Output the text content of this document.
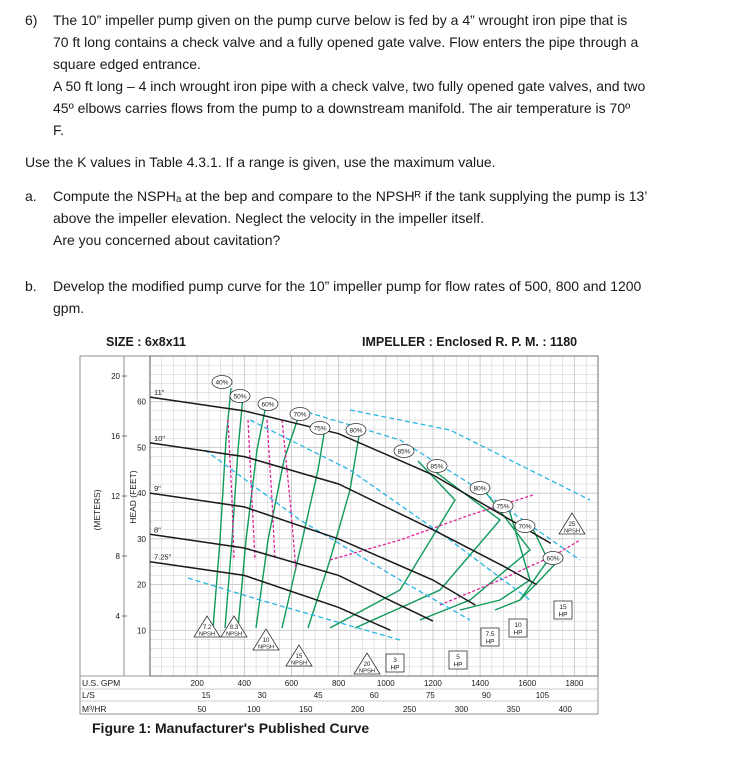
6) The 10” impeller pump given on the pump curve below is fed by a 4” wrought iron pipe that is
70 ft long contains a check valve and a fully opened gate valve. Flow enters the pipe through a
square edged entrance.
A 50 ft long – 4 inch wrought iron pipe with a check valve, two fully opened gate valves, and two
45º elbows carries flows from the pump to a downstream manifold. The air temperature is 70º
F.
Use the K values in Table 4.3.1. If a range is given, use the maximum value.
a. Compute the NSPHₐ at the bep and compare to the NPSHᴿ if the tank supplying the pump is 13’
above the impeller elevation. Neglect the velocity in the impeller itself.
Are you concerned about cavitation?
b. Develop the modified pump curve for the 10” impeller pump for flow rates of 500, 800 and 1200
gpm.
SIZE : 6x8x11	IMPELLER : Enclosed R. P. M. : 1180
10
20
30
40
50
60
4
8
12
16
20
HEAD (FEET)
(METERS)
U.S. GPM
L/S
M³/HR
200	400	600	800	1000	1200	1400	1600	1800
15	30	45	60	75	90	105
50	100	150	200	250	300	350	400
11"
10"
9"
8"
7.25"
40%
50%
60%
70%
75%	80%
85%
85%
80%
75%
70%
60%
7.2
NPSH
8.3
NPSH
10
NPSH
15
NPSH	20
NPSH
25
NPSH
3
HP
5
HP
7.5
HP
10
HP
15
HP
Figure 1: Manufacturer's Published Curve
